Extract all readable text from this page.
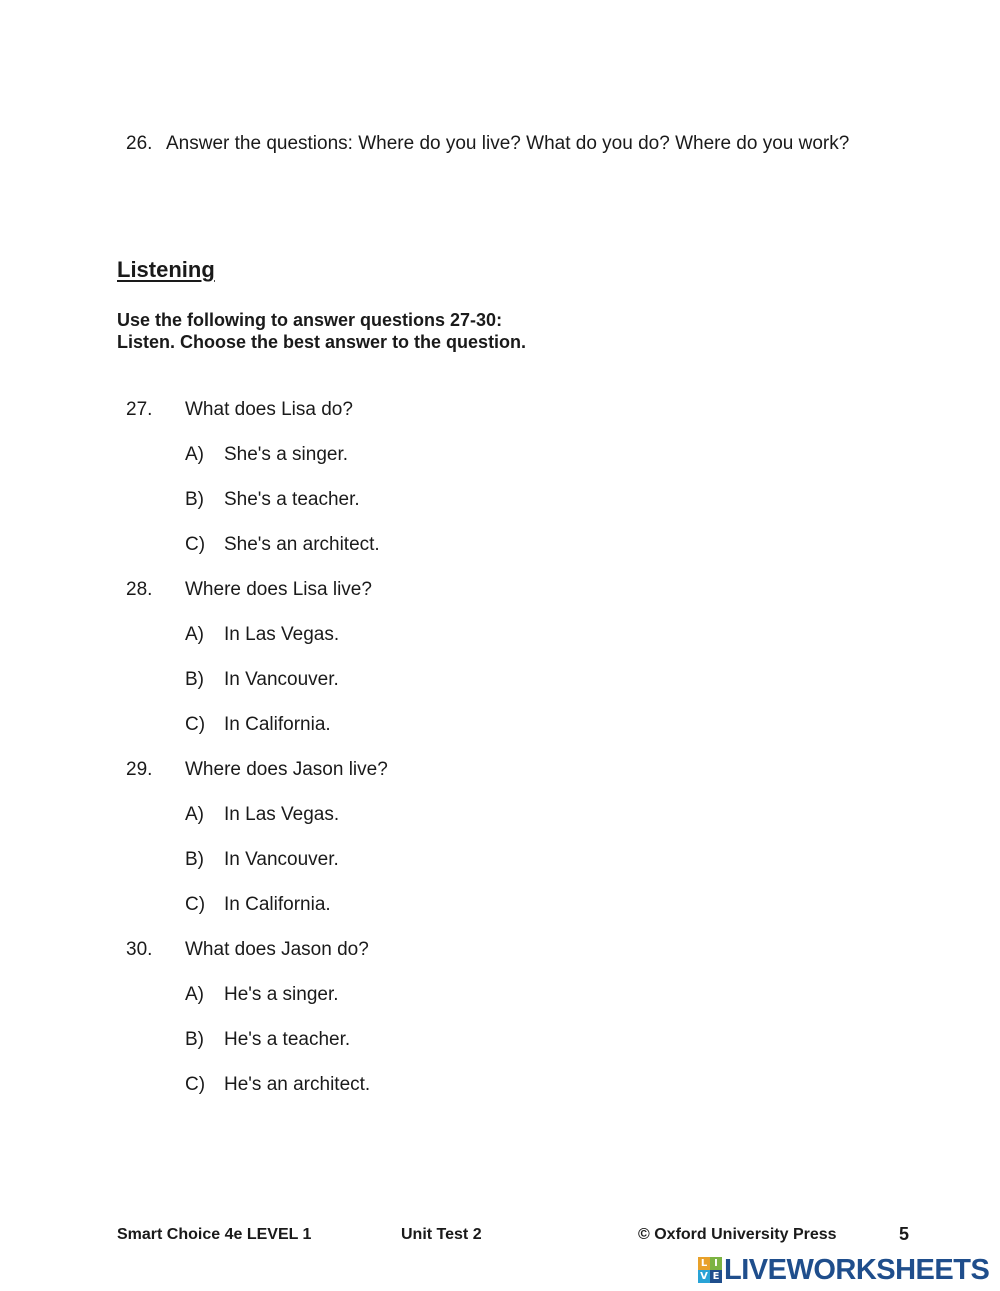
26. Answer the questions: Where do you live? What do you do? Where do you work?
Listening
Use the following to answer questions 27-30:
Listen. Choose the best answer to the question.
27. What does Lisa do?
A) She's a singer.
B) She's a teacher.
C) She's an architect.
28. Where does Lisa live?
A) In Las Vegas.
B) In Vancouver.
C) In California.
29. Where does Jason live?
A) In Las Vegas.
B) In Vancouver.
C) In California.
30. What does Jason do?
A) He's a singer.
B) He's a teacher.
C) He's an architect.
Smart Choice 4e LEVEL 1	Unit Test 2	© Oxford University Press	5
L I
V E LIVEWORKSHEETS
